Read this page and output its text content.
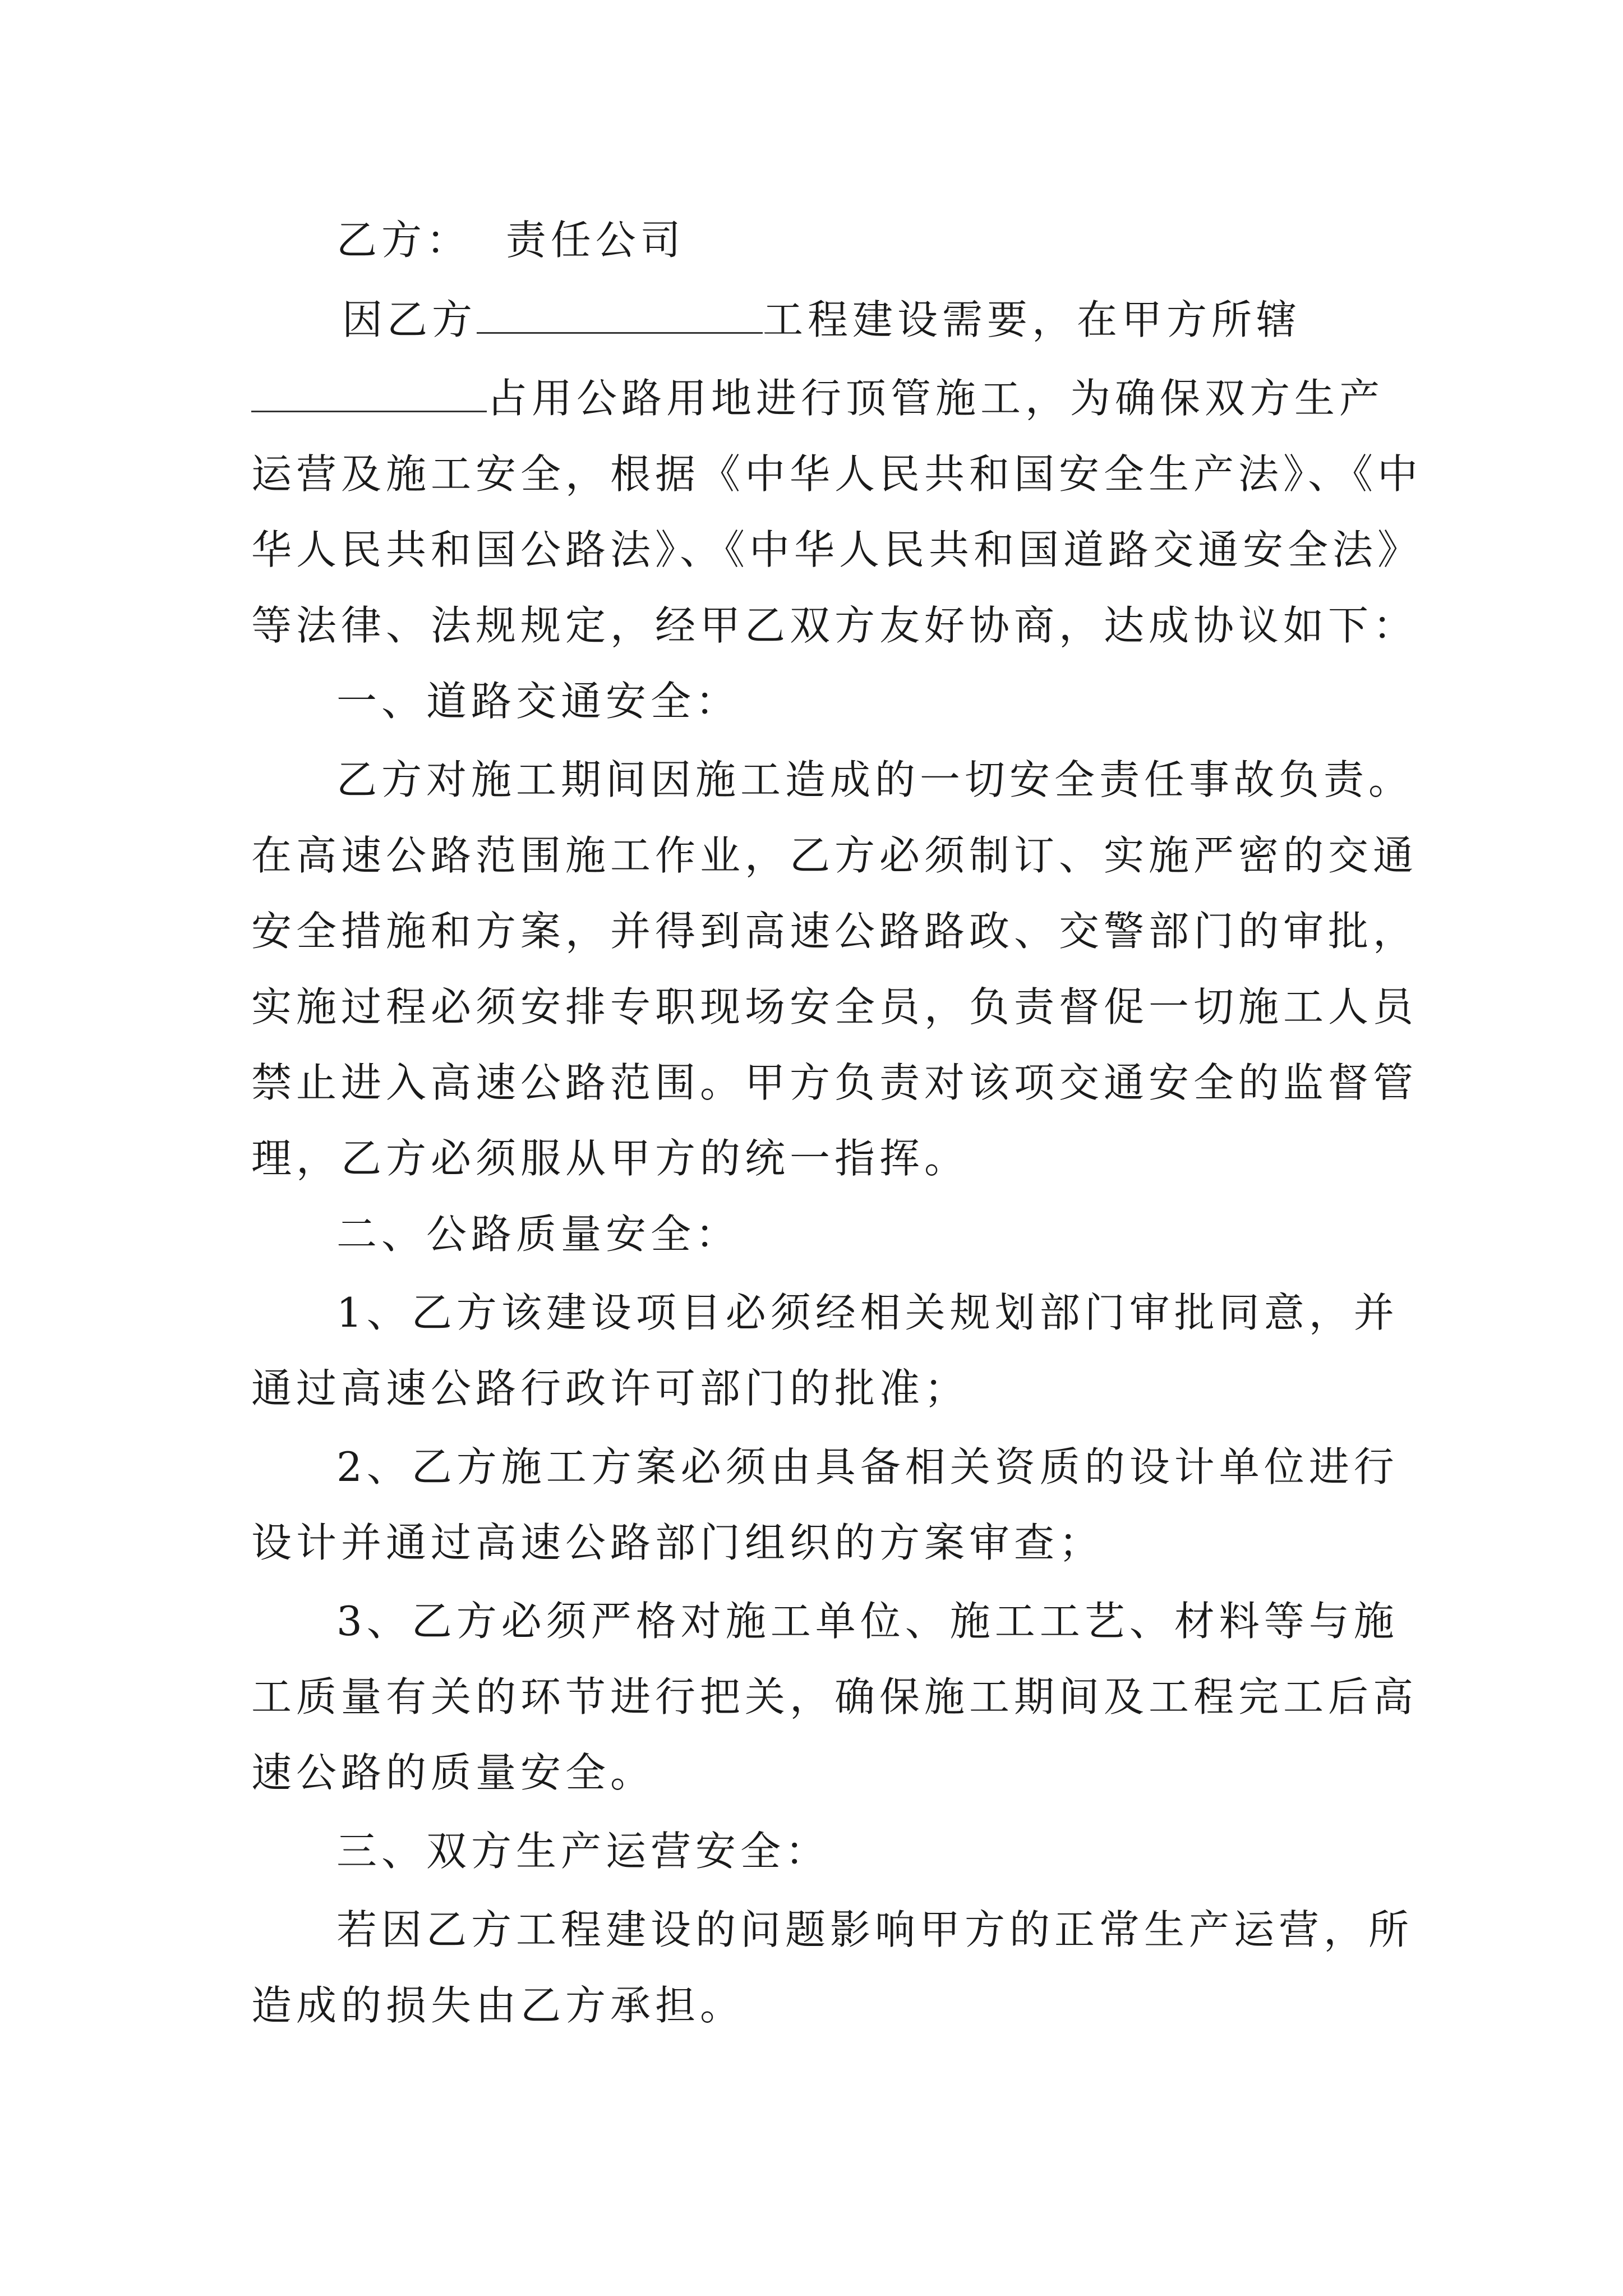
乙方： 责任公司
因乙方	工程建设需要，在甲方所辖
占用公路用地进行顶管施工，为确保双方生产
运营及施工安全，根据《中华人民共和国安全生产法》、《中
华人民共和国公路法》、《中华人民共和国道路交通安全法》
等法律、法规规定，经甲乙双方友好协商，达成协议如下：
一、道路交通安全：
乙方对施工期间因施工造成的一切安全责任事故负责。
在高速公路范围施工作业，乙方必须制订、实施严密的交通
安全措施和方案，并得到高速公路路政、交警部门的审批，
实施过程必须安排专职现场安全员，负责督促一切施工人员
禁止进入高速公路范围。甲方负责对该项交通安全的监督管
理，乙方必须服从甲方的统一指挥。
二、公路质量安全：
1、乙方该建设项目必须经相关规划部门审批同意，并
通过高速公路行政许可部门的批准；
2、乙方施工方案必须由具备相关资质的设计单位进行
设计并通过高速公路部门组织的方案审查；
3、乙方必须严格对施工单位、施工工艺、材料等与施
工质量有关的环节进行把关，确保施工期间及工程完工后高
速公路的质量安全。
三、双方生产运营安全：
若因乙方工程建设的问题影响甲方的正常生产运营，所
造成的损失由乙方承担。
